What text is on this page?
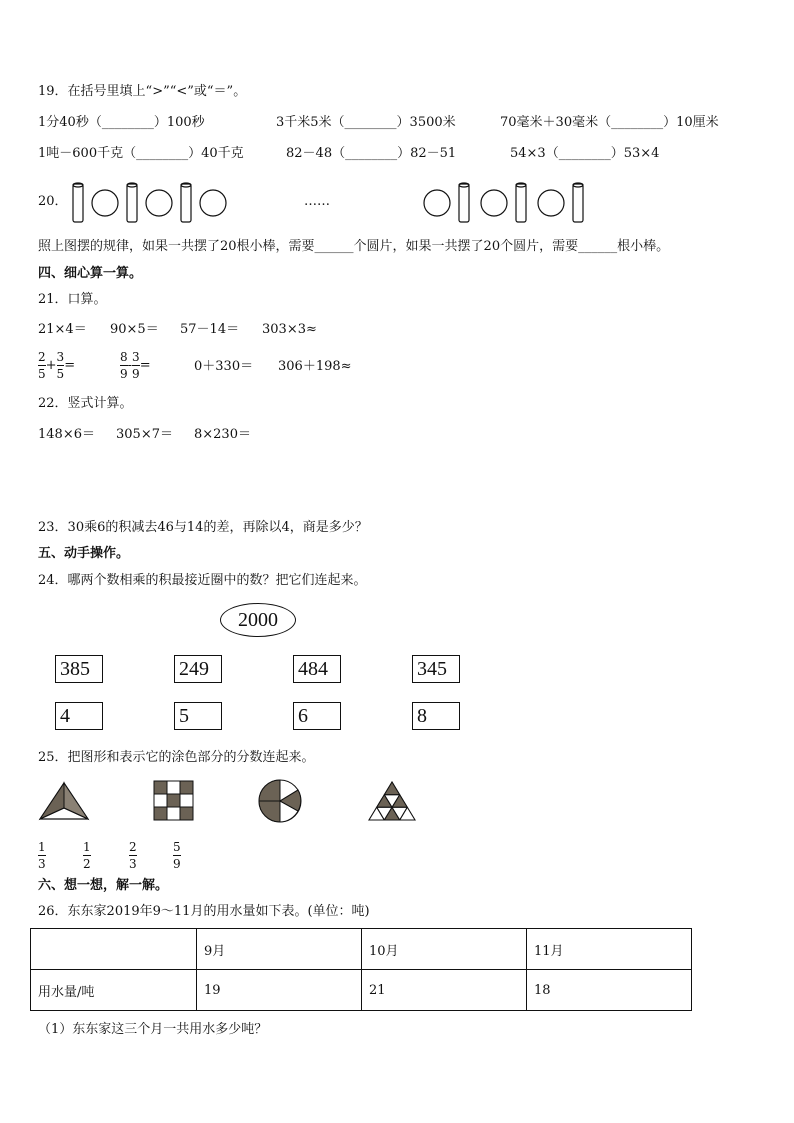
19．在括号里填上“>”“<”或“＝”。
1分40秒（________）100秒	3千米5米（________）3500米	70毫米＋30毫米（________）10厘米
1吨－600千克（________）40千克	82－48（________）82－51	54×3（________）53×4
20．	……
照上图摆的规律，如果一共摆了20根小棒，需要______个圆片，如果一共摆了20个圆片，需要______根小棒。
四、细心算一算。
21．口算。
21×4＝ 90×5＝ 57－14＝ 303×3≈
$\frac{2}{5}+\frac{3}{5}=$	$\frac{8}{9}-\frac{3}{9}=$	0＋330＝ 306＋198≈
22．竖式计算。
148×6＝ 305×7＝ 8×230＝
23．30乘6的积减去46与14的差，再除以4，商是多少？
五、动手操作。
24．哪两个数相乘的积最接近圈中的数？把它们连起来。
2000
385	249	484	345
4	5	6	8
25．把图形和表示它的涂色部分的分数连起来。
$\frac{1}{3}$	$\frac{1}{2}$	$\frac{2}{3}$	$\frac{5}{9}$
六、想一想，解一解。
26．东东家2019年9～11月的用水量如下表。(单位：吨)
	9月	10月	11月
用水量/吨	19	21	18
（1）东东家这三个月一共用水多少吨？
